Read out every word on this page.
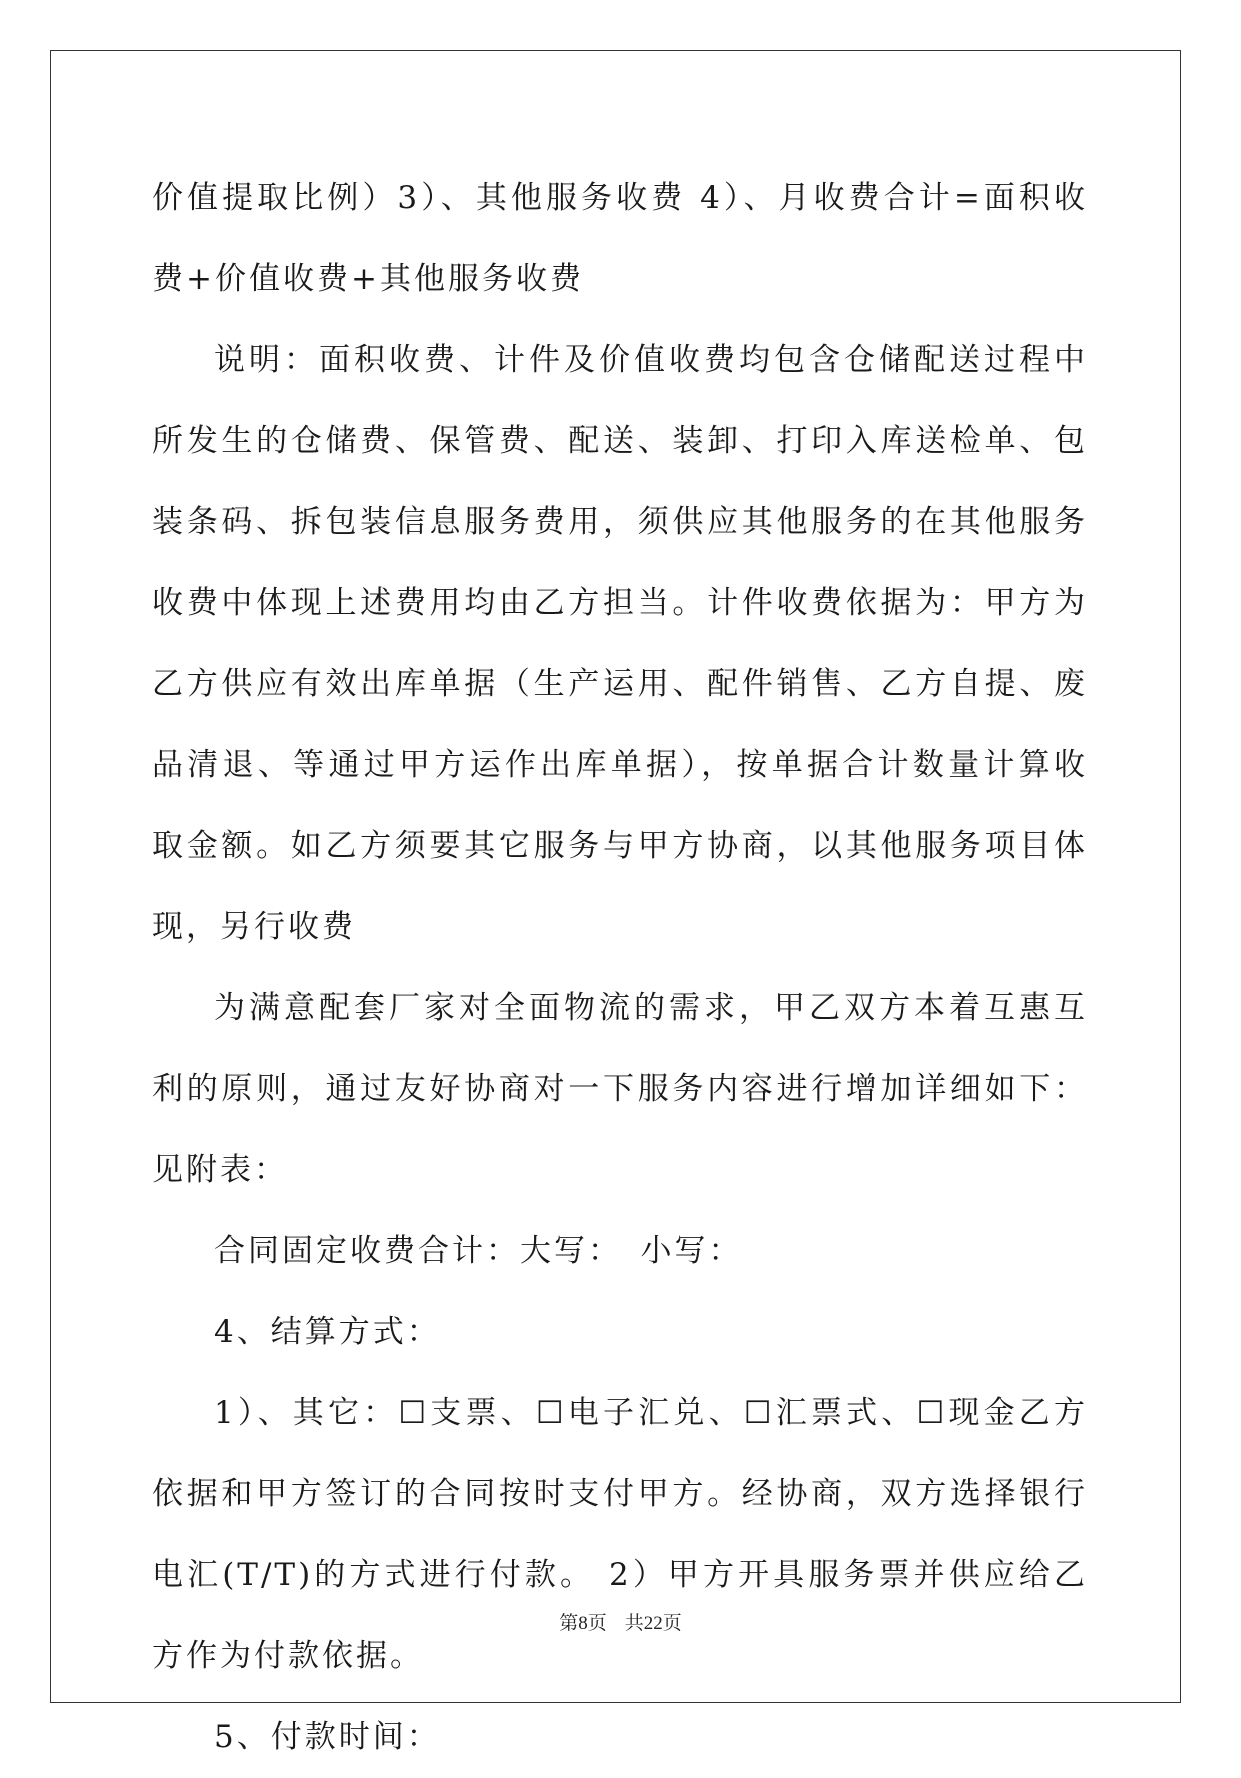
价值提取比例）3）、其他服务收费 4）、月收费合计=面积收费+价值收费+其他服务收费

说明：面积收费、计件及价值收费均包含仓储配送过程中所发生的仓储费、保管费、配送、装卸、打印入库送检单、包装条码、拆包装信息服务费用，须供应其他服务的在其他服务收费中体现上述费用均由乙方担当。计件收费依据为：甲方为乙方供应有效出库单据（生产运用、配件销售、乙方自提、废品清退、等通过甲方运作出库单据），按单据合计数量计算收取金额。如乙方须要其它服务与甲方协商，以其他服务项目体现，另行收费

为满意配套厂家对全面物流的需求，甲乙双方本着互惠互利的原则，通过友好协商对一下服务内容进行增加详细如下： 见附表：

合同固定收费合计：大写：　小写：

4、结算方式：

1）、其它：☐支票、☐电子汇兑、☐汇票式、☐现金乙方依据和甲方签订的合同按时支付甲方。经协商，双方选择银行电汇(T/T)的方式进行付款。 2）甲方开具服务票并供应给乙方作为付款依据。

5、付款时间：

第8页 共22页
